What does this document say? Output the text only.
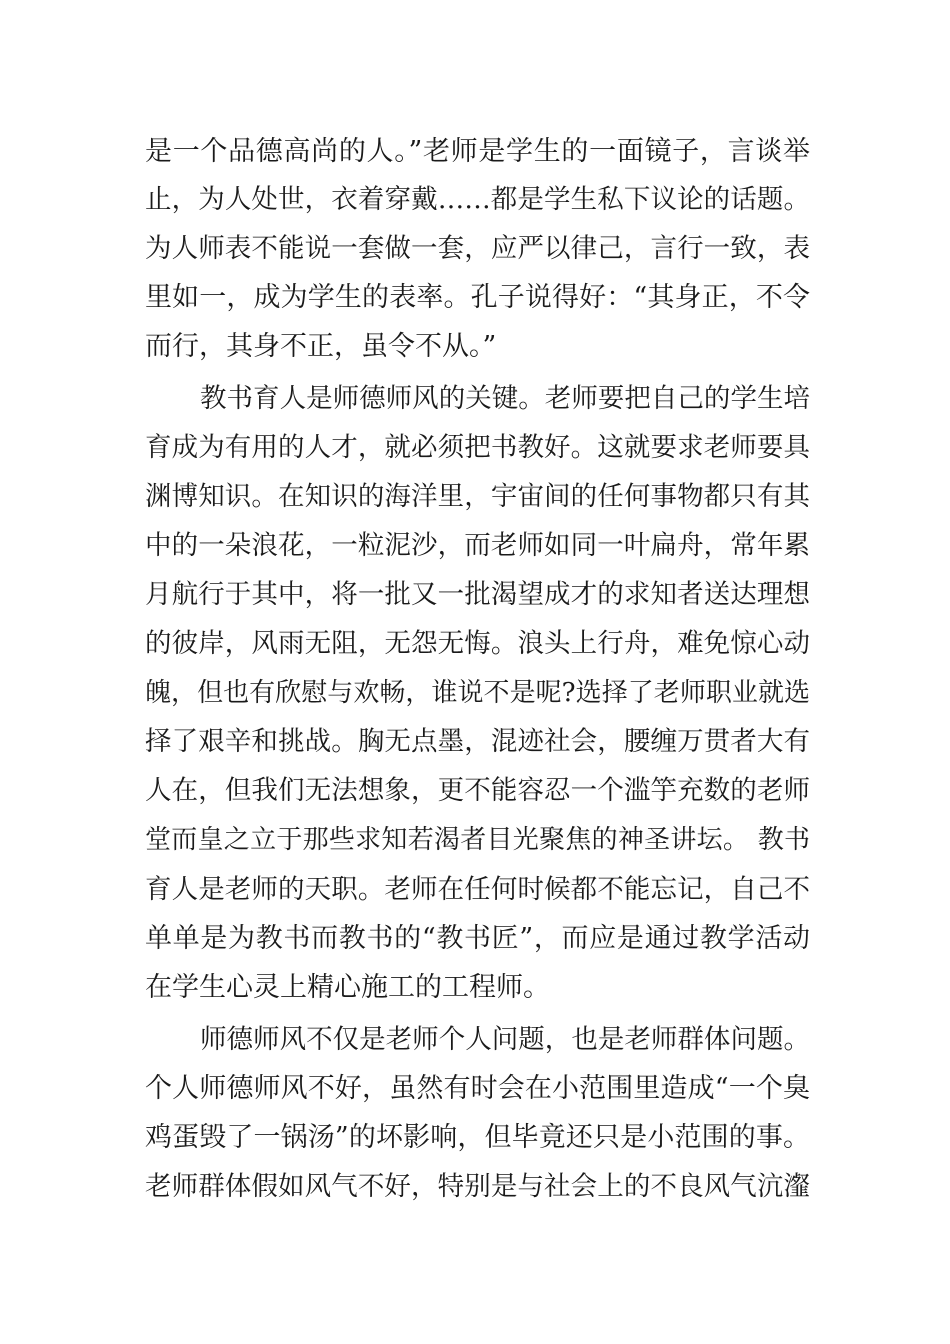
是一个品德高尚的人。”老师是学生的一面镜子，言谈举
止，为人处世，衣着穿戴……都是学生私下议论的话题。
为人师表不能说一套做一套，应严以律己，言行一致，表
里如一，成为学生的表率。孔子说得好：“其身正，不令
而行，其身不正，虽令不从。”
教书育人是师德师风的关键。老师要把自己的学生培
育成为有用的人才，就必须把书教好。这就要求老师要具
渊博知识。在知识的海洋里，宇宙间的任何事物都只有其
中的一朵浪花，一粒泥沙，而老师如同一叶扁舟，常年累
月航行于其中，将一批又一批渴望成才的求知者送达理想
的彼岸，风雨无阻，无怨无悔。浪头上行舟，难免惊心动
魄，但也有欣慰与欢畅，谁说不是呢?选择了老师职业就选
择了艰辛和挑战。胸无点墨，混迹社会，腰缠万贯者大有
人在，但我们无法想象，更不能容忍一个滥竽充数的老师
堂而皇之立于那些求知若渴者目光聚焦的神圣讲坛。 教书
育人是老师的天职。老师在任何时候都不能忘记，自己不
单单是为教书而教书的“教书匠”，而应是通过教学活动
在学生心灵上精心施工的工程师。
师德师风不仅是老师个人问题，也是老师群体问题。
个人师德师风不好，虽然有时会在小范围里造成“一个臭
鸡蛋毁了一锅汤”的坏影响，但毕竟还只是小范围的事。
老师群体假如风气不好，特别是与社会上的不良风气沆瀣
